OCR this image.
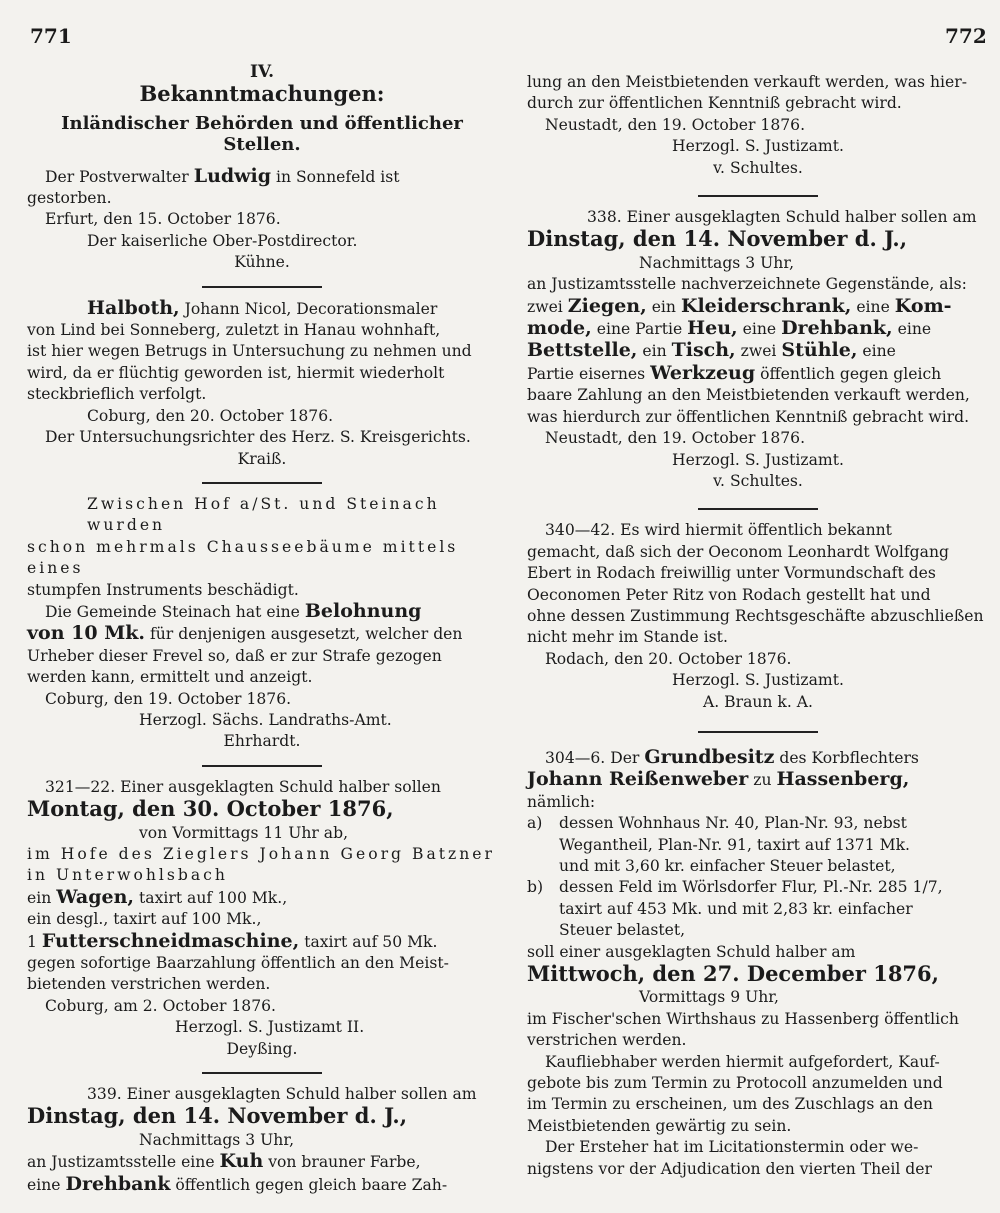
771	772

IV.

Bekanntmachungen:

Inländischer Behörden und öffentlicher Stellen.

Der Postverwalter Ludwig in Sonnefeld ist

gestorben.

Erfurt, den 15. October 1876.

Der kaiserliche Ober-Postdirector.

Kühne.

Halboth, Johann Nicol, Decorationsmaler

von Lind bei Sonneberg, zuletzt in Hanau wohnhaft,

ist hier wegen Betrugs in Untersuchung zu nehmen und

wird, da er flüchtig geworden ist, hiermit wiederholt

steckbrieflich verfolgt.

Coburg, den 20. October 1876.

Der Untersuchungsrichter des Herz. S. Kreisgerichts.

Kraiß.

Zwischen Hof a/St. und Steinach wurden

schon mehrmals Chausseebäume mittels eines

stumpfen Instruments beschädigt.

Die Gemeinde Steinach hat eine Belohnung

von 10 Mk. für denjenigen ausgesetzt, welcher den

Urheber dieser Frevel so, daß er zur Strafe gezogen

werden kann, ermittelt und anzeigt.

Coburg, den 19. October 1876.

Herzogl. Sächs. Landraths-Amt.

Ehrhardt.

321—22. Einer ausgeklagten Schuld halber sollen

Montag, den 30. October 1876,

von Vormittags 11 Uhr ab,

im Hofe des Zieglers Johann Georg Batzner

in Unterwohlsbach

ein Wagen, taxirt auf 100 Mk.,

ein desgl., taxirt auf 100 Mk.,

1 Futterschneidmaschine, taxirt auf 50 Mk.

gegen sofortige Baarzahlung öffentlich an den Meist-

bietenden verstrichen werden.

Coburg, am 2. October 1876.

Herzogl. S. Justizamt II.

Deyßing.

339. Einer ausgeklagten Schuld halber sollen am

Dinstag, den 14. November d. J.,

Nachmittags 3 Uhr,

an Justizamtsstelle eine Kuh von brauner Farbe,

eine Drehbank öffentlich gegen gleich baare Zah-

lung an den Meistbietenden verkauft werden, was hier-

durch zur öffentlichen Kenntniß gebracht wird.

Neustadt, den 19. October 1876.

Herzogl. S. Justizamt.

v. Schultes.

338. Einer ausgeklagten Schuld halber sollen am

Dinstag, den 14. November d. J.,

Nachmittags 3 Uhr,

an Justizamtsstelle nachverzeichnete Gegenstände, als:

zwei Ziegen, ein Kleiderschrank, eine Kom-

mode, eine Partie Heu, eine Drehbank, eine

Bettstelle, ein Tisch, zwei Stühle, eine

Partie eisernes Werkzeug öffentlich gegen gleich

baare Zahlung an den Meistbietenden verkauft werden,

was hierdurch zur öffentlichen Kenntniß gebracht wird.

Neustadt, den 19. October 1876.

Herzogl. S. Justizamt.

v. Schultes.

340—42. Es wird hiermit öffentlich bekannt

gemacht, daß sich der Oeconom Leonhardt Wolfgang

Ebert in Rodach freiwillig unter Vormundschaft des

Oeconomen Peter Ritz von Rodach gestellt hat und

ohne dessen Zustimmung Rechtsgeschäfte abzuschließen

nicht mehr im Stande ist.

Rodach, den 20. October 1876.

Herzogl. S. Justizamt.

A. Braun k. A.

304—6. Der Grundbesitz des Korbflechters

Johann Reißenweber zu Hassenberg,

nämlich:

a)	dessen Wohnhaus Nr. 40, Plan-Nr. 93, nebst

Wegantheil, Plan-Nr. 91, taxirt auf 1371 Mk.

und mit 3,60 kr. einfacher Steuer belastet,

b)	dessen Feld im Wörlsdorfer Flur, Pl.-Nr. 285 1/7,

taxirt auf 453 Mk. und mit 2,83 kr. einfacher

Steuer belastet,

soll einer ausgeklagten Schuld halber am

Mittwoch, den 27. December 1876,

Vormittags 9 Uhr,

im Fischer'schen Wirthshaus zu Hassenberg öffentlich

verstrichen werden.

Kaufliebhaber werden hiermit aufgefordert, Kauf-

gebote bis zum Termin zu Protocoll anzumelden und

im Termin zu erscheinen, um des Zuschlags an den

Meistbietenden gewärtig zu sein.

Der Ersteher hat im Licitationstermin oder we-

nigstens vor der Adjudication den vierten Theil der
